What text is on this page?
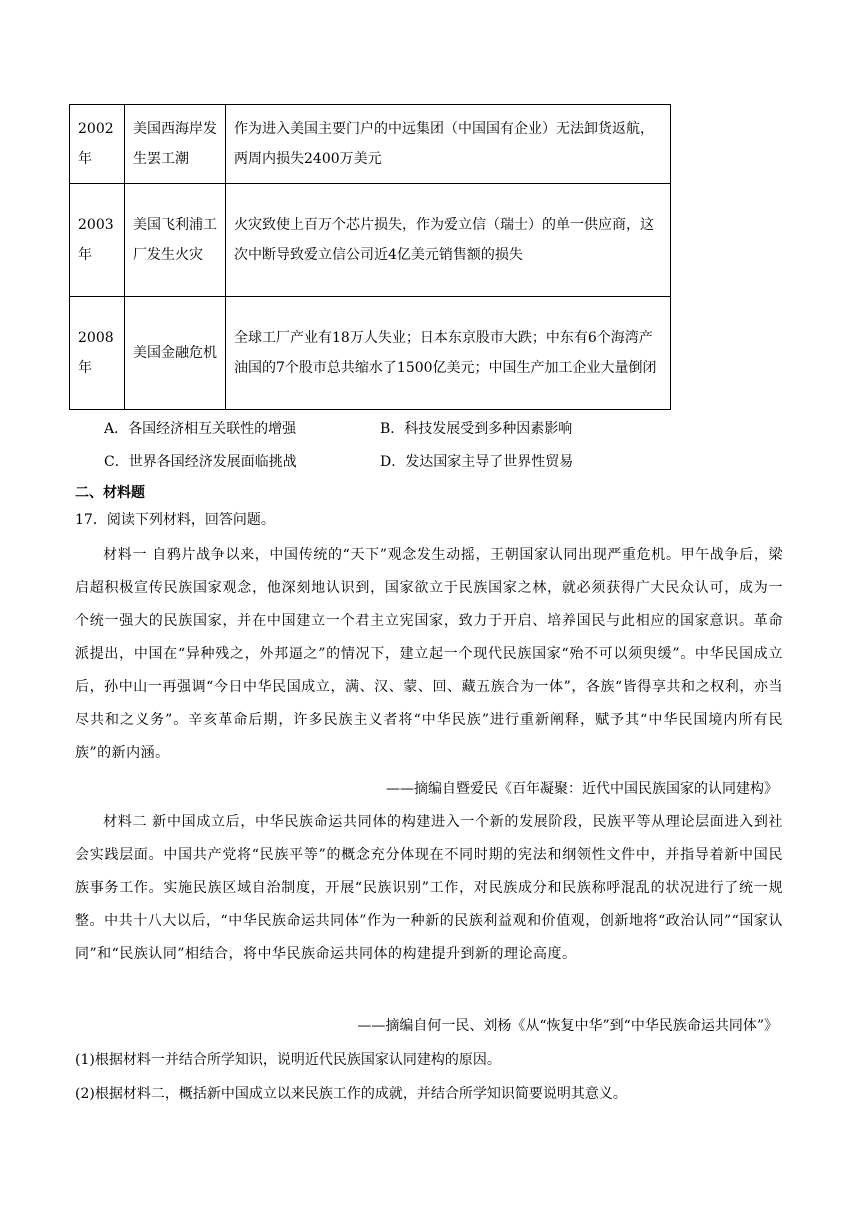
2002年	美国西海岸发生罢工潮	作为进入美国主要门户的中远集团（中国国有企业）无法卸货返航，两周内损失2400万美元
2003年	美国飞利浦工厂发生火灾	火灾致使上百万个芯片损失，作为爱立信（瑞士）的单一供应商，这次中断导致爱立信公司近4亿美元销售额的损失
2008年	美国金融危机	全球工厂产业有18万人失业；日本东京股市大跌；中东有6个海湾产油国的7个股市总共缩水了1500亿美元；中国生产加工企业大量倒闭
A．各国经济相互关联性的增强	B．科技发展受到多种因素影响
C．世界各国经济发展面临挑战	D．发达国家主导了世界性贸易
二、材料题
17．阅读下列材料，回答问题。
材料一 自鸦片战争以来，中国传统的“天下”观念发生动摇，王朝国家认同出现严重危机。甲午战争后，梁启超积极宣传民族国家观念，他深刻地认识到，国家欲立于民族国家之林，就必须获得广大民众认可，成为一个统一强大的民族国家，并在中国建立一个君主立宪国家，致力于开启、培养国民与此相应的国家意识。革命派提出，中国在“异种残之，外邦逼之”的情况下，建立起一个现代民族国家“殆不可以须臾缓”。中华民国成立后，孙中山一再强调“今日中华民国成立，满、汉、蒙、回、藏五族合为一体”，各族“皆得享共和之权利，亦当尽共和之义务”。辛亥革命后期，许多民族主义者将“中华民族”进行重新阐释，赋予其“中华民国境内所有民族”的新内涵。
——摘编自暨爱民《百年凝聚：近代中国民族国家的认同建构》
材料二 新中国成立后，中华民族命运共同体的构建进入一个新的发展阶段，民族平等从理论层面进入到社会实践层面。中国共产党将“民族平等”的概念充分体现在不同时期的宪法和纲领性文件中，并指导着新中国民族事务工作。实施民族区域自治制度，开展“民族识别”工作，对民族成分和民族称呼混乱的状况进行了统一规整。中共十八大以后，“中华民族命运共同体”作为一种新的民族利益观和价值观，创新地将“政治认同”“国家认同”和“民族认同”相结合，将中华民族命运共同体的构建提升到新的理论高度。
——摘编自何一民、刘杨《从“恢复中华”到“中华民族命运共同体”》
(1)根据材料一并结合所学知识，说明近代民族国家认同建构的原因。
(2)根据材料二，概括新中国成立以来民族工作的成就，并结合所学知识简要说明其意义。
